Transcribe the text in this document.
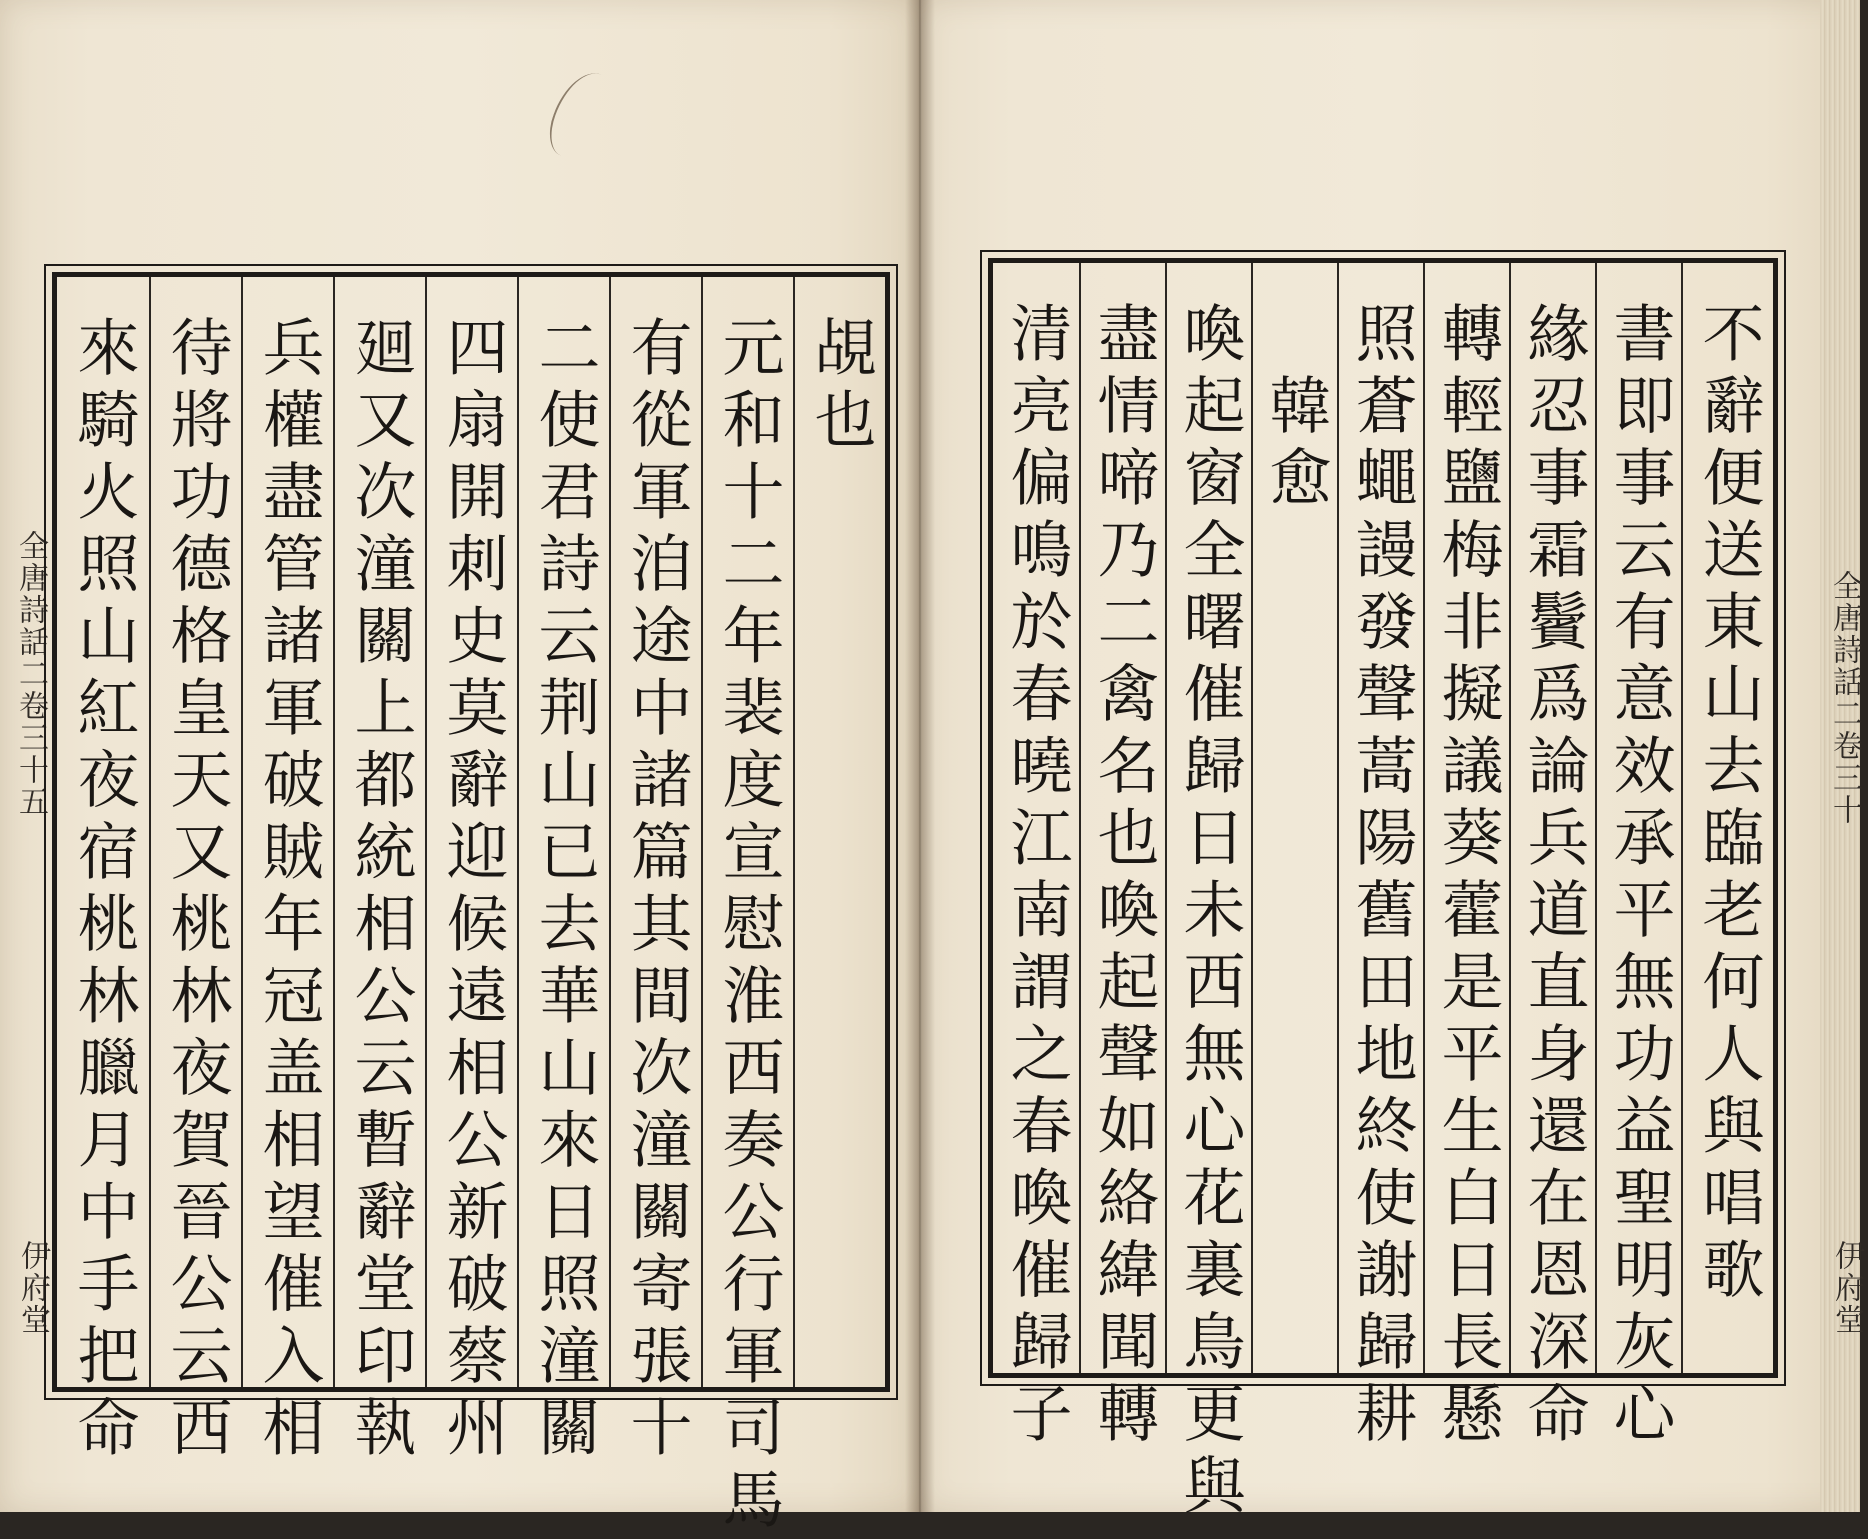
全唐詩話二卷三十五
伊府堂
全唐詩話二卷三十
伊府堂
來騎火照山紅夜宿桃林臘月中手把命 待將功德格皇天又桃林夜賀晉公云西 兵權盡管諸軍破賊年冠盖相望催入相 廻又次潼關上都統相公云暫辭堂印執 四扇開刺史莫辭迎候遠相公新破蔡州 二使君詩云荆山已去華山來日照潼關 有從軍洎途中諸篇其間次潼關寄張十 元和十二年裴度宣慰淮西奏公行軍司馬 覘也 清亮偏鳴於春曉江南謂之春喚催歸子 盡情啼乃二禽名也喚起聲如絡緯聞轉 喚起窗全曙催歸日未西無心花裏鳥更與 韓愈 照蒼蠅謾發聲蒿陽舊田地終使謝歸耕 轉輕鹽梅非擬議葵藿是平生白日長懸 緣忍事霜鬢爲論兵道直身還在恩深命 書即事云有意效承平無功益聖明灰心 不辭便送東山去臨老何人與唱歌
